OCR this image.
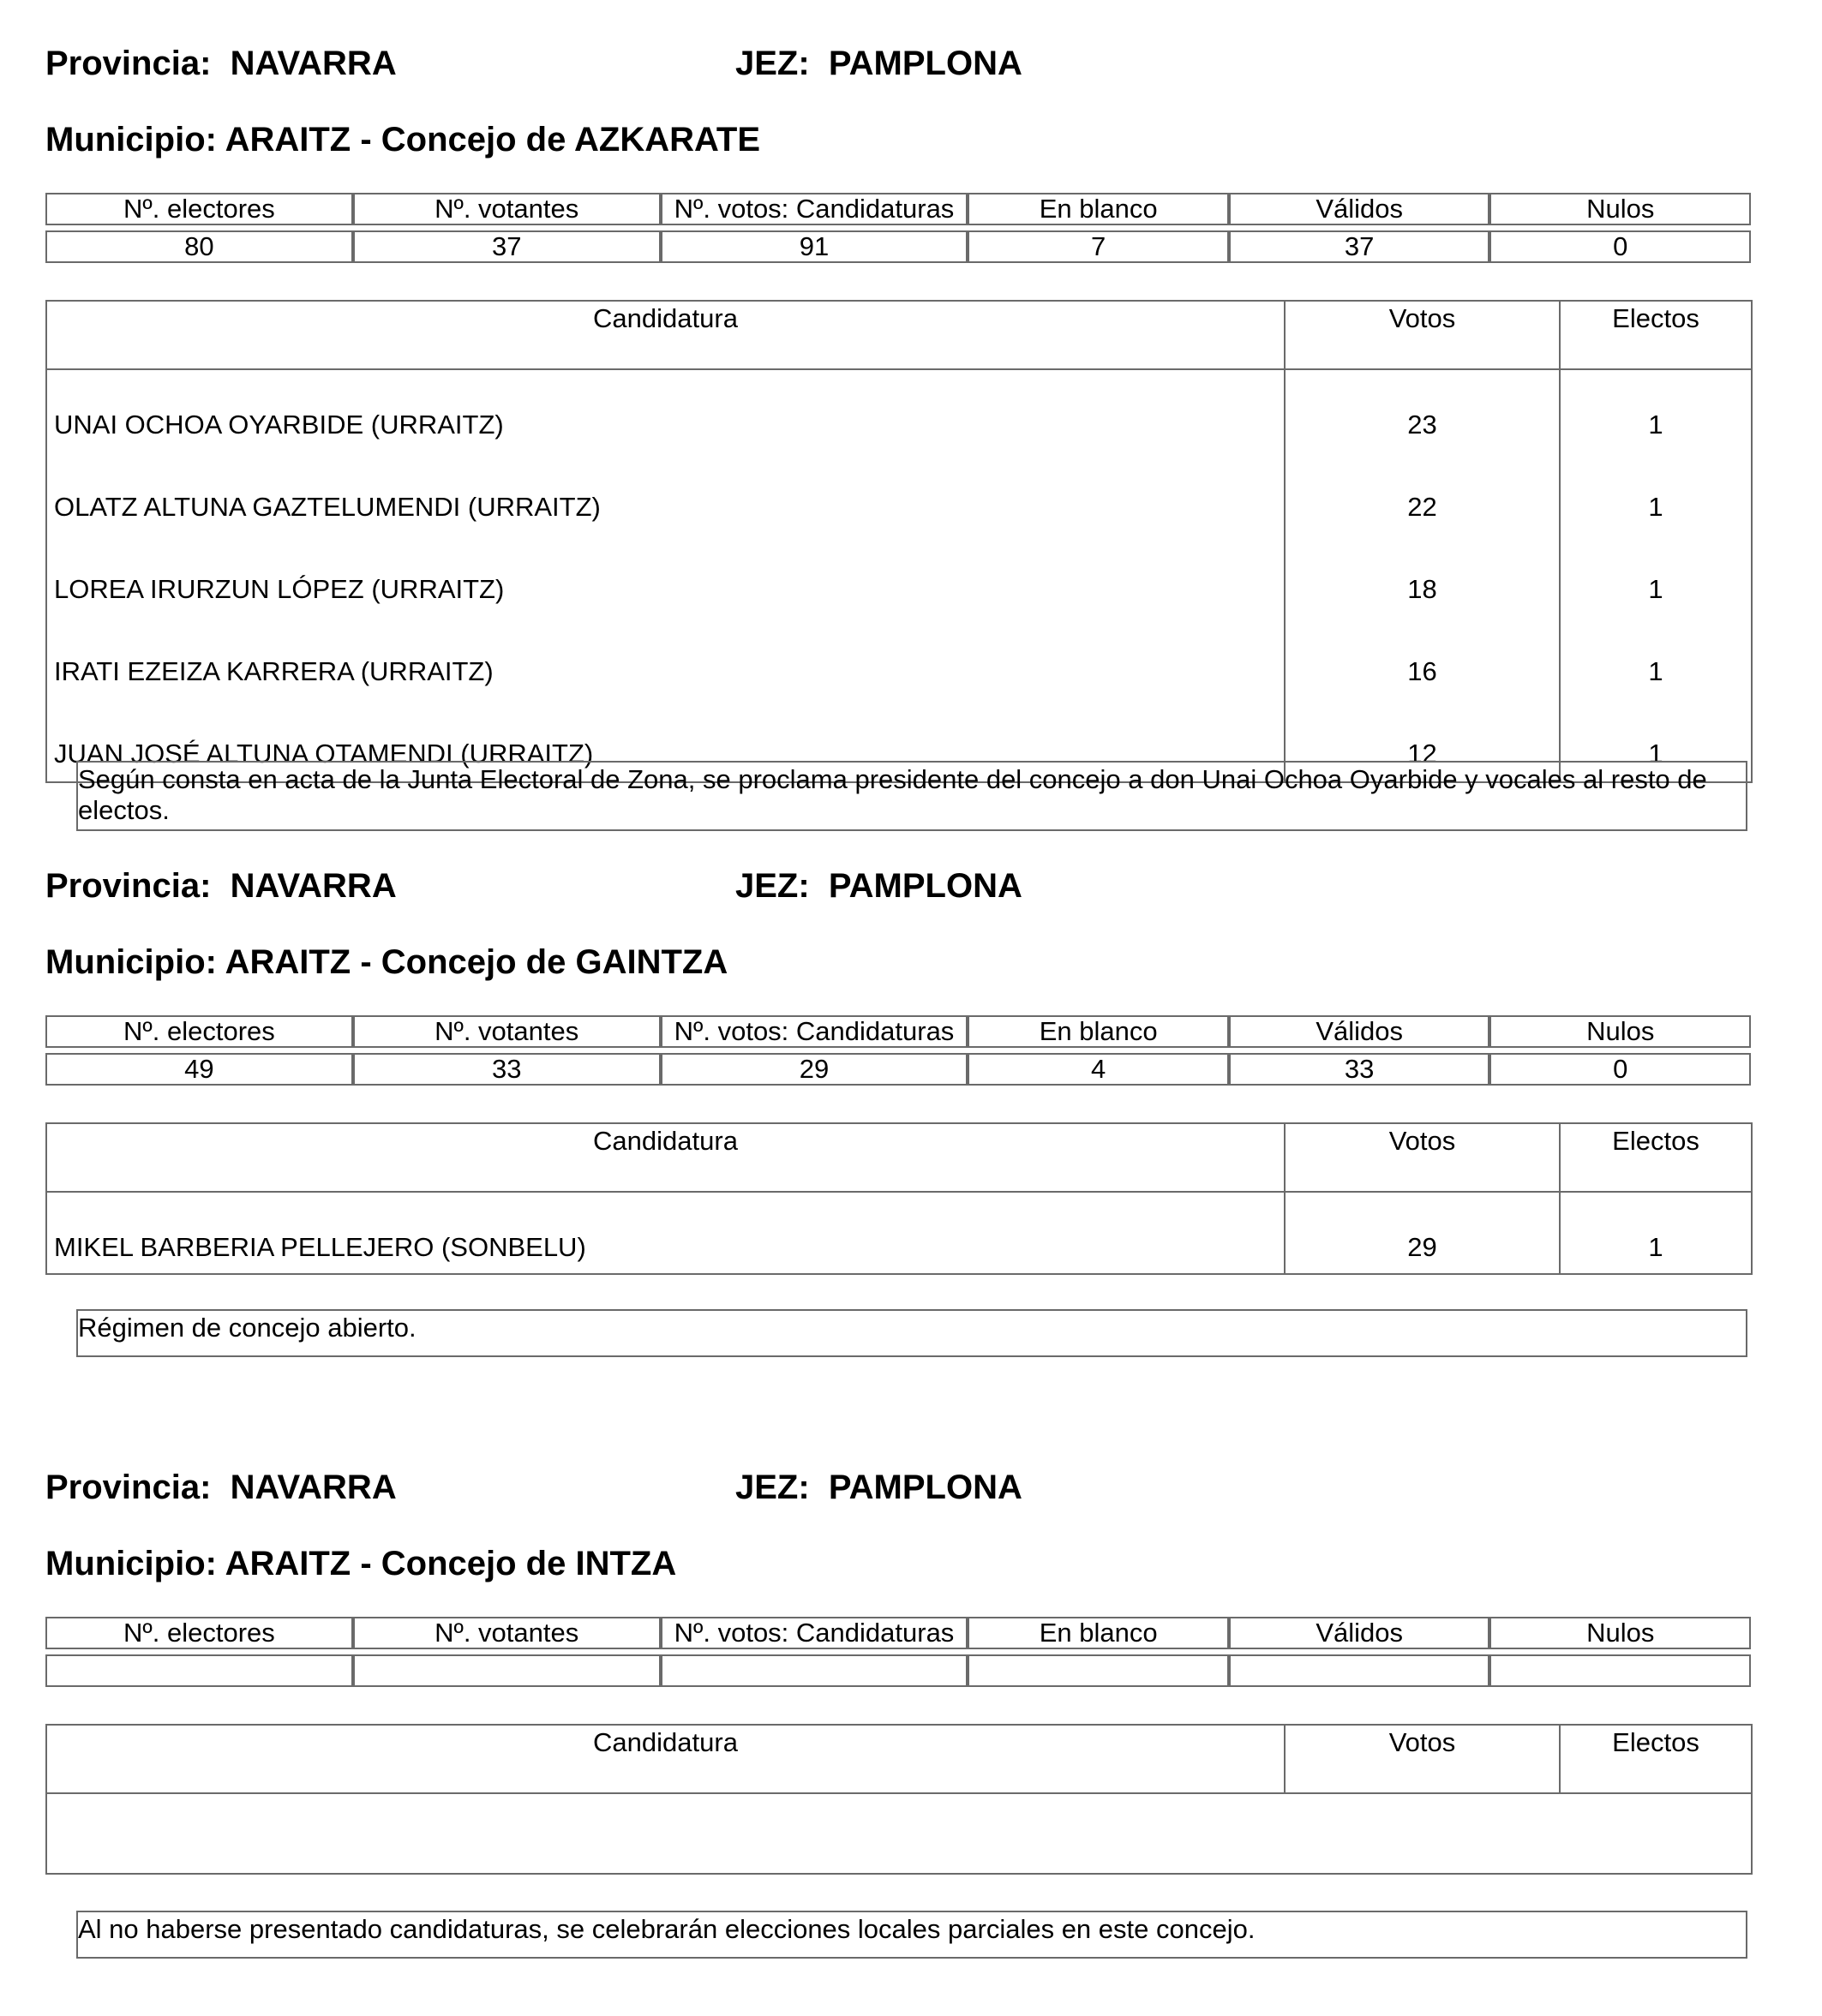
Provincia: NAVARRA	JEZ: PAMPLONA
Municipio: ARAITZ - Concejo de AZKARATE
Nº. electores	Nº. votantes	Nº. votos: Candidaturas	En blanco	Válidos	Nulos

80	37	91	7	37	0
Candidatura	Votos	Electos
UNAI OCHOA OYARBIDE (URRAITZ)	23	1
OLATZ ALTUNA GAZTELUMENDI (URRAITZ)	22	1
LOREA IRURZUN LÓPEZ (URRAITZ)	18	1
IRATI EZEIZA KARRERA (URRAITZ)	16	1
JUAN JOSÉ ALTUNA OTAMENDI (URRAITZ)	12	1
Según consta en acta de la Junta Electoral de Zona, se proclama presidente del concejo a don Unai Ochoa Oyarbide y vocales al resto de electos.
Provincia: NAVARRA	JEZ: PAMPLONA
Municipio: ARAITZ - Concejo de GAINTZA
Nº. electores	Nº. votantes	Nº. votos: Candidaturas	En blanco	Válidos	Nulos

49	33	29	4	33	0
Candidatura	Votos	Electos
MIKEL BARBERIA PELLEJERO (SONBELU)	29	1
Régimen de concejo abierto.
Provincia: NAVARRA	JEZ: PAMPLONA
Municipio: ARAITZ - Concejo de INTZA
Nº. electores	Nº. votantes	Nº. votos: Candidaturas	En blanco	Válidos	Nulos

Candidatura	Votos	Electos

Al no haberse presentado candidaturas, se celebrarán elecciones locales parciales en este concejo.
